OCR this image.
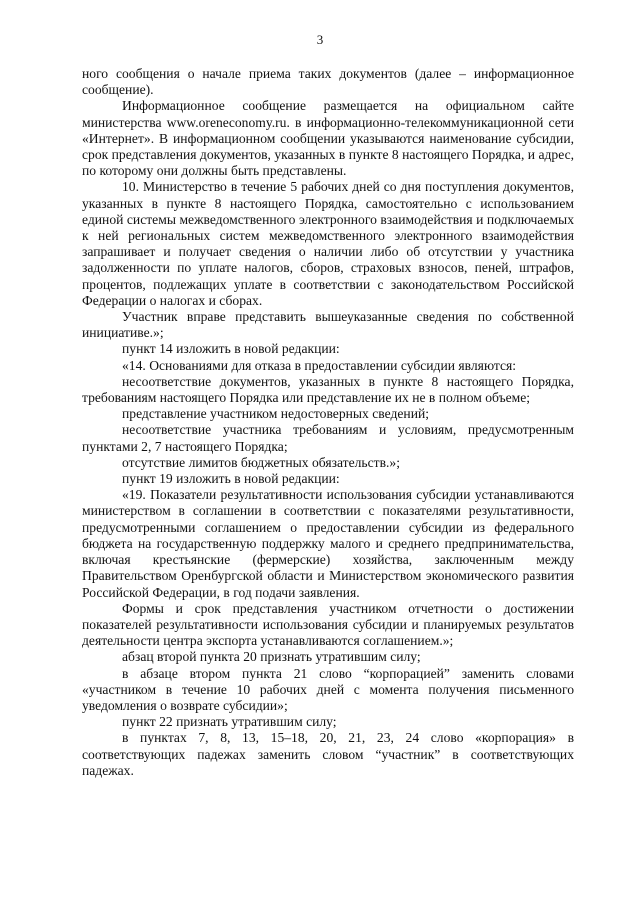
3

ного сообщения о начале приема таких документов (далее – информационное сообщение).

Информационное сообщение размещается на официальном сайте министерства www.oreneconomy.ru. в информационно-телекоммуникационной сети «Интернет». В информационном сообщении указываются наименование субсидии, срок представления документов, указанных в пункте 8 настоящего Порядка, и адрес, по которому они должны быть представлены.

10. Министерство в течение 5 рабочих дней со дня поступления документов, указанных в пункте 8 настоящего Порядка, самостоятельно с использованием единой системы межведомственного электронного взаимодействия и подключаемых к ней региональных систем межведомственного электронного взаимодействия запрашивает и получает сведения о наличии либо об отсутствии у участника задолженности по уплате налогов, сборов, страховых взносов, пеней, штрафов, процентов, подлежащих уплате в соответствии с законодательством Российской Федерации о налогах и сборах.

Участник вправе представить вышеуказанные сведения по собственной инициативе.»;

пункт 14 изложить в новой редакции:

«14. Основаниями для отказа в предоставлении субсидии являются:

несоответствие документов, указанных в пункте 8 настоящего Порядка, требованиям настоящего Порядка или представление их не в полном объеме;

представление участником недостоверных сведений;

несоответствие участника требованиям и условиям, предусмотренным пунктами 2, 7 настоящего Порядка;

отсутствие лимитов бюджетных обязательств.»;

пункт 19 изложить в новой редакции:

«19. Показатели результативности использования субсидии устанавливаются министерством в соглашении в соответствии с показателями результативности, предусмотренными соглашением о предоставлении субсидии из федерального бюджета на государственную поддержку малого и среднего предпринимательства, включая крестьянские (фермерские) хозяйства, заключенным между Правительством Оренбургской области и Министерством экономического развития Российской Федерации, в год подачи заявления.

Формы и срок представления участником отчетности о достижении показателей результативности использования субсидии и планируемых результатов деятельности центра экспорта устанавливаются соглашением.»;

абзац второй пункта 20 признать утратившим силу;

в абзаце втором пункта 21 слово “корпорацией” заменить словами «участником в течение 10 рабочих дней с момента получения письменного уведомления о возврате субсидии»;

пункт 22 признать утратившим силу;

в пунктах 7, 8, 13, 15–18, 20, 21, 23, 24 слово «корпорация» в соответствующих падежах заменить словом “участник” в соответствующих падежах.
